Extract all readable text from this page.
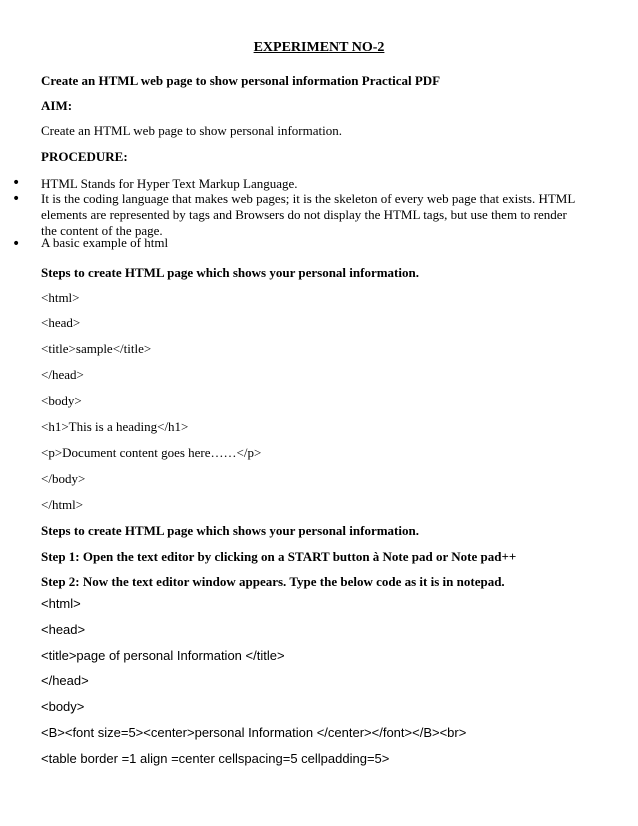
EXPERIMENT NO-2
Create an HTML web page to show personal information Practical PDF
AIM:
Create an HTML web page to show personal information.
PROCEDURE:
• HTML Stands for Hyper Text Markup Language.
• It is the coding language that makes web pages; it is the skeleton of every web page that exists. HTML elements are represented by tags and Browsers do not display the HTML tags, but use them to render the content of the page.
• A basic example of html
Steps to create HTML page which shows your personal information.
<html>
<head>
<title>sample</title>
</head>
<body>
<h1>This is a heading</h1>
<p>Document content goes here……</p>
</body>
</html>
Steps to create HTML page which shows your personal information.
Step 1: Open the text editor by clicking on a START button à Note pad or Note pad++
Step 2: Now the text editor window appears. Type the below code as it is in notepad.
<html>
<head>
<title>page of personal Information </title>
</head>
<body>
<B><font size=5><center>personal Information </center></font></B><br>
<table border =1 align =center cellspacing=5 cellpadding=5>
